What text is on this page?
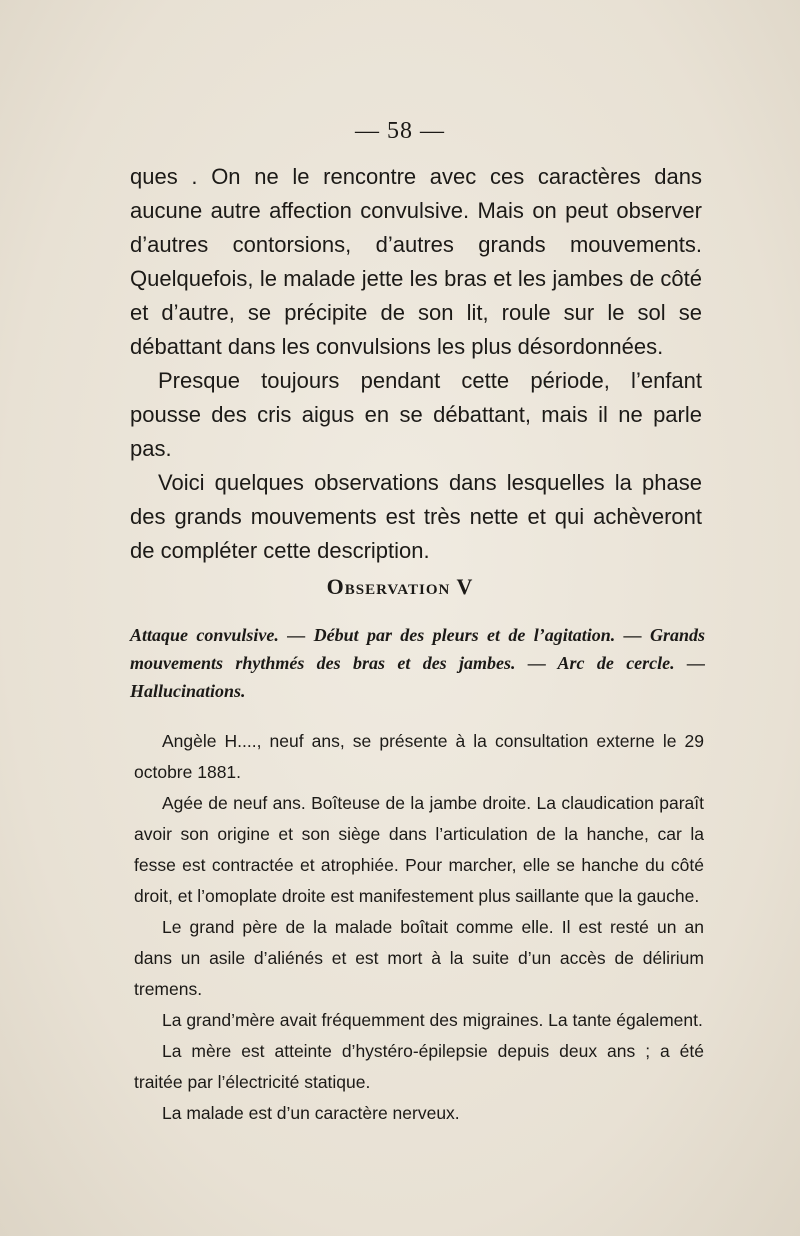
— 58 —

ques . On ne le rencontre avec ces caractères dans aucune autre affection convulsive. Mais on peut observer d’autres contorsions, d’autres grands mouvements. Quelquefois, le malade jette les bras et les jambes de côté et d’autre, se précipite de son lit, roule sur le sol se débattant dans les convulsions les plus désordonnées.

Presque toujours pendant cette période, l’enfant pousse des cris aigus en se débattant, mais il ne parle pas.

Voici quelques observations dans lesquelles la phase des grands mouvements est très nette et qui achèveront de compléter cette description.

Observation V

Attaque convulsive. — Début par des pleurs et de l’agitation. — Grands mouvements rhythmés des bras et des jambes. — Arc de cercle. — Hallucinations.

Angèle H...., neuf ans, se présente à la consultation externe le 29 octobre 1881.

Agée de neuf ans. Boîteuse de la jambe droite. La claudication paraît avoir son origine et son siège dans l’articulation de la hanche, car la fesse est contractée et atrophiée. Pour marcher, elle se hanche du côté droit, et l’omoplate droite est manifestement plus saillante que la gauche.

Le grand père de la malade boîtait comme elle. Il est resté un an dans un asile d’aliénés et est mort à la suite d’un accès de délirium tremens.

La grand’mère avait fréquemment des migraines. La tante également.

La mère est atteinte d’hystéro-épilepsie depuis deux ans ; a été traitée par l’électricité statique.

La malade est d’un caractère nerveux.
